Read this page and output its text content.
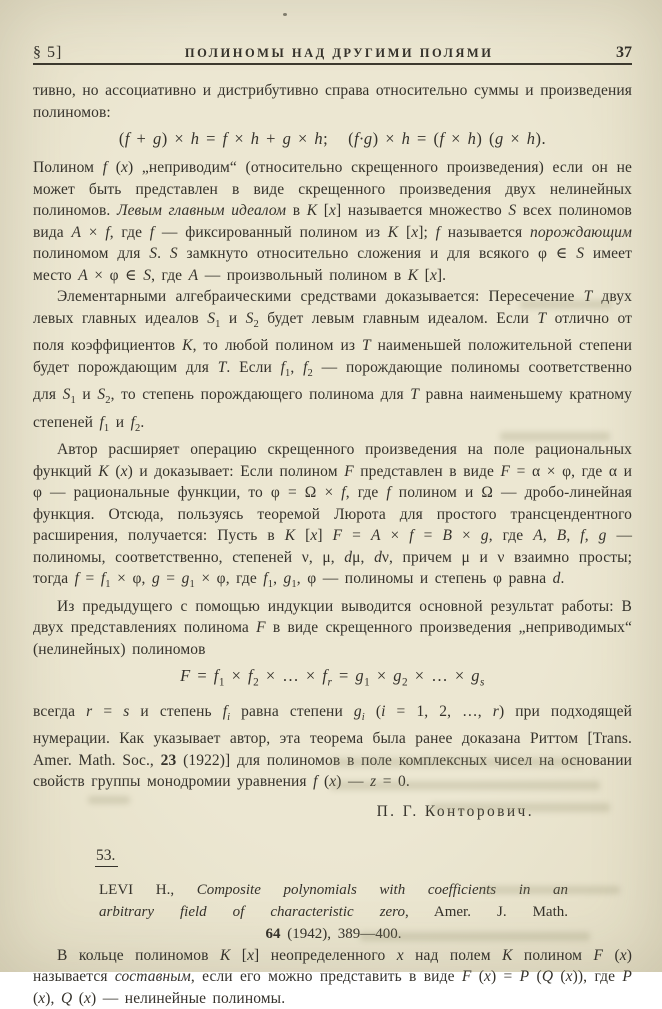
§ 5]	ПОЛИНОМЫ НАД ДРУГИМИ ПОЛЯМИ	37

тивно, но ассоциативно и дистрибутивно справа относительно суммы и произведения полиномов:

(f + g) × h = f × h + g × h;   (f·g) × h = (f × h) (g × h).

Полином f (x) „неприводим“ (относительно скрещенного произведения) если он не может быть представлен в виде скрещенного произведения двух нелинейных полиномов. Левым главным идеалом в K [x] называется множество S всех полиномов вида A × f, где f — фиксированный полином из K [x]; f называется порождающим полиномом для S. S замкнуто относительно сложения и для всякого φ ∈ S имеет место A × φ ∈ S, где A — произвольный полином в K [x].

Элементарными алгебраическими средствами доказывается: Пересечение T двух левых главных идеалов $S_1$ и $S_2$ будет левым главным идеалом. Если T отлично от поля коэффициентов K, то любой полином из T наименьшей положительной степени будет порождающим для T. Если $f_1$, $f_2$ — порождающие полиномы соответственно для $S_1$ и $S_2$, то степень порождающего полинома для T равна наименьшему кратному степеней $f_1$ и $f_2$.

Автор расширяет операцию скрещенного произведения на поле рациональных функций K (x) и доказывает: Если полином F представлен в виде F = α × φ, где α и φ — рациональные функции, то φ = Ω × f, где f полином и Ω — дробо-линейная функция. Отсюда, пользуясь теоремой Люрота для простого трансцендентного расширения, получается: Пусть в K [x] F = A × f = B × g, где A, B, f, g — полиномы, соответственно, степеней ν, μ, dμ, dν, причем μ и ν взаимно просты; тогда $f = f_1 \times \varphi$, $g = g_1 \times \varphi$, где $f_1$, $g_1$, φ — полиномы и степень φ равна d.

Из предыдущего с помощью индукции выводится основной результат работы: В двух представлениях полинома F в виде скрещенного произведения „неприводимых“ (нелинейных) полиномов

$F = f_1 \times f_2$ × … × $f_r = g_1 \times g_2$ × … × $g_s$

всегда r = s и степень $f_i$ равна степени $g_i$ (i = 1, 2, …, r) при подходящей нумерации. Как указывает автор, эта теорема была ранее доказана Риттом [Trans. Amer. Math. Soc., 23 (1922)] для полиномов в поле комплексных чисел на основании свойств группы монодромии уравнения f (x) — z = 0.

П. Г. Конторович.
53.
LEVI H., Composite polynomials with coefficients in an
arbitrary field of characteristic zero, Amer. J. Math.
64 (1942), 389—400.

В кольце полиномов K [x] неопределенного x над полем K полином F (x) называется составным, если его можно представить в виде F (x) = P (Q (x)), где P (x), Q (x) — нелинейные полиномы.
